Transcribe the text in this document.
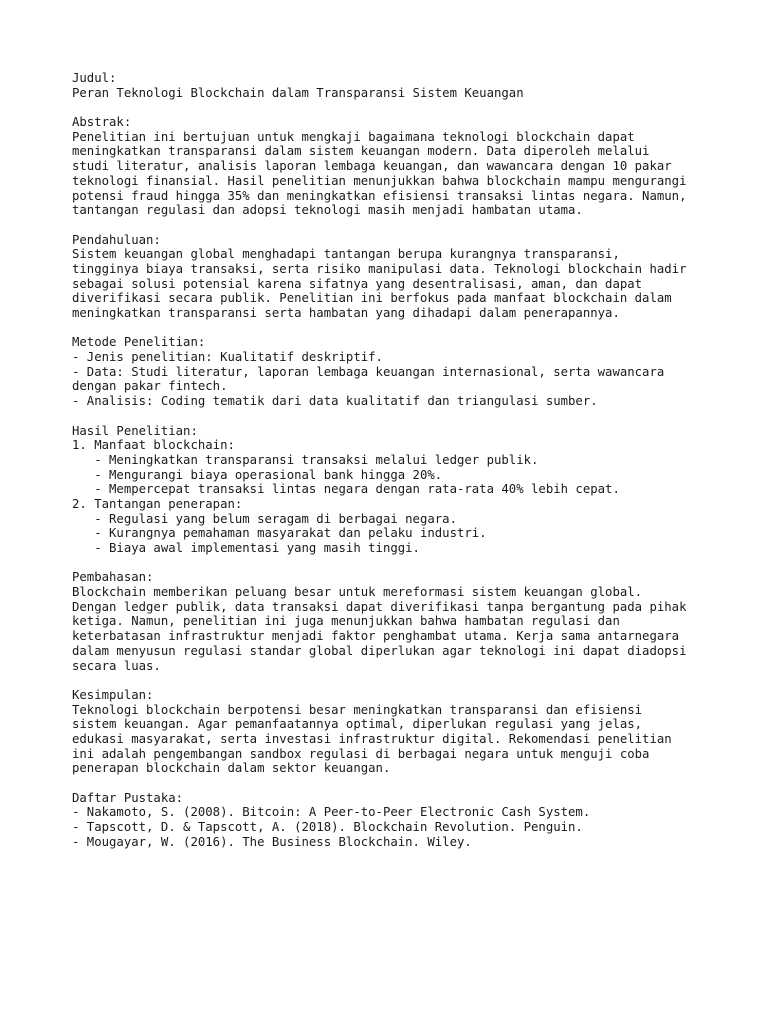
Judul:
Peran Teknologi Blockchain dalam Transparansi Sistem Keuangan
Abstrak:
Penelitian ini bertujuan untuk mengkaji bagaimana teknologi blockchain dapat
meningkatkan transparansi dalam sistem keuangan modern. Data diperoleh melalui
studi literatur, analisis laporan lembaga keuangan, dan wawancara dengan 10 pakar
teknologi finansial. Hasil penelitian menunjukkan bahwa blockchain mampu mengurangi
potensi fraud hingga 35% dan meningkatkan efisiensi transaksi lintas negara. Namun,
tantangan regulasi dan adopsi teknologi masih menjadi hambatan utama.
Pendahuluan:
Sistem keuangan global menghadapi tantangan berupa kurangnya transparansi,
tingginya biaya transaksi, serta risiko manipulasi data. Teknologi blockchain hadir
sebagai solusi potensial karena sifatnya yang desentralisasi, aman, dan dapat
diverifikasi secara publik. Penelitian ini berfokus pada manfaat blockchain dalam
meningkatkan transparansi serta hambatan yang dihadapi dalam penerapannya.
Metode Penelitian:
- Jenis penelitian: Kualitatif deskriptif.
- Data: Studi literatur, laporan lembaga keuangan internasional, serta wawancara
dengan pakar fintech.
- Analisis: Coding tematik dari data kualitatif dan triangulasi sumber.
Hasil Penelitian:
1. Manfaat blockchain:
- Meningkatkan transparansi transaksi melalui ledger publik.
- Mengurangi biaya operasional bank hingga 20%.
- Mempercepat transaksi lintas negara dengan rata-rata 40% lebih cepat.
2. Tantangan penerapan:
- Regulasi yang belum seragam di berbagai negara.
- Kurangnya pemahaman masyarakat dan pelaku industri.
- Biaya awal implementasi yang masih tinggi.
Pembahasan:
Blockchain memberikan peluang besar untuk mereformasi sistem keuangan global.
Dengan ledger publik, data transaksi dapat diverifikasi tanpa bergantung pada pihak
ketiga. Namun, penelitian ini juga menunjukkan bahwa hambatan regulasi dan
keterbatasan infrastruktur menjadi faktor penghambat utama. Kerja sama antarnegara
dalam menyusun regulasi standar global diperlukan agar teknologi ini dapat diadopsi
secara luas.
Kesimpulan:
Teknologi blockchain berpotensi besar meningkatkan transparansi dan efisiensi
sistem keuangan. Agar pemanfaatannya optimal, diperlukan regulasi yang jelas,
edukasi masyarakat, serta investasi infrastruktur digital. Rekomendasi penelitian
ini adalah pengembangan sandbox regulasi di berbagai negara untuk menguji coba
penerapan blockchain dalam sektor keuangan.
Daftar Pustaka:
- Nakamoto, S. (2008). Bitcoin: A Peer-to-Peer Electronic Cash System.
- Tapscott, D. & Tapscott, A. (2018). Blockchain Revolution. Penguin.
- Mougayar, W. (2016). The Business Blockchain. Wiley.
